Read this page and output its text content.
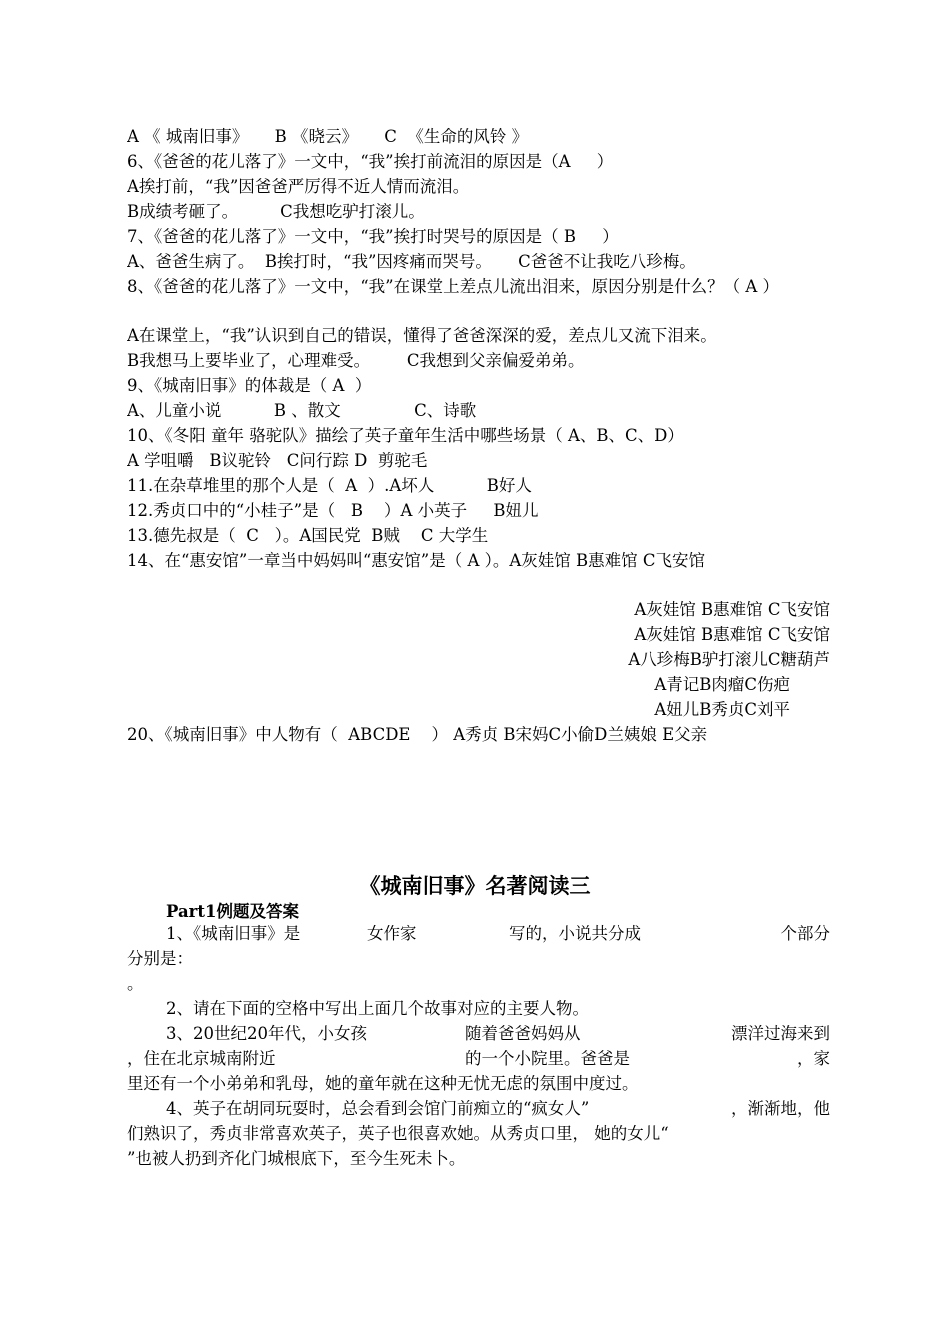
A 《 城南旧事》     B 《晓云》     C  《生命的风铃 》
6、《爸爸的花儿落了》一文中，“我”挨打前流泪的原因是（A     ）
A挨打前，“我”因爸爸严厉得不近人情而流泪。
B成绩考砸了。        C我想吃驴打滚儿。
7、《爸爸的花儿落了》一文中，“我”挨打时哭号的原因是（ B     ）
A、爸爸生病了。  B挨打时，“我”因疼痛而哭号。     C爸爸不让我吃八珍梅。
8、《爸爸的花儿落了》一文中，“我”在课堂上差点儿流出泪来，原因分别是什么？（ A ）
A在课堂上，“我”认识到自己的错误，懂得了爸爸深深的爱，差点儿又流下泪来。
B我想马上要毕业了，心理难受。       C我想到父亲偏爱弟弟。
9、《城南旧事》的体裁是（ A  ）
A、儿童小说          B 、散文              C、诗歌
10、《冬阳 童年 骆驼队》描绘了英子童年生活中哪些场景（ A、B、C、D）
A 学咀嚼   B议驼铃   C问行踪 D  剪驼毛
11.在杂草堆里的那个人是（  A  ）.A坏人          B好人
12.秀贞口中的“小桂子”是（   B    ）A 小英子     B妞儿
13.德先叔是（  C   ）。A国民党  B贼    C 大学生
14、在“惠安馆”一章当中妈妈叫“惠安馆”是（ A ）。A灰娃馆 B惠难馆 C飞安馆

A灰娃馆 B惠难馆 C飞安馆

A灰娃馆 B惠难馆 C飞安馆

A八珍梅B驴打滚儿C糖葫芦

A青记B肉瘤C伤疤

A妞儿B秀贞C刘平

20、《城南旧事》中人物有（  ABCDE    ） A秀贞 B宋妈C小偷D兰姨娘 E父亲
《城南旧事》名著阅读三
Part1例题及答案
1、《城南旧事》是	女作家	写的，小说共分成	个部分
分别是：
。
2、请在下面的空格中写出上面几个故事对应的主要人物。
3、20世纪20年代，小女孩	随着爸爸妈妈从	漂洋过海来到
，住在北京城南附近	的一个小院里。爸爸是	，家
里还有一个小弟弟和乳母，她的童年就在这种无忧无虑的氛围中度过。
4、英子在胡同玩耍时，总会看到会馆门前痴立的“疯女人”	，渐渐地，他
们熟识了，秀贞非常喜欢英子，英子也很喜欢她。从秀贞口里， 她的女儿“
”也被人扔到齐化门城根底下，至今生死未卜。
